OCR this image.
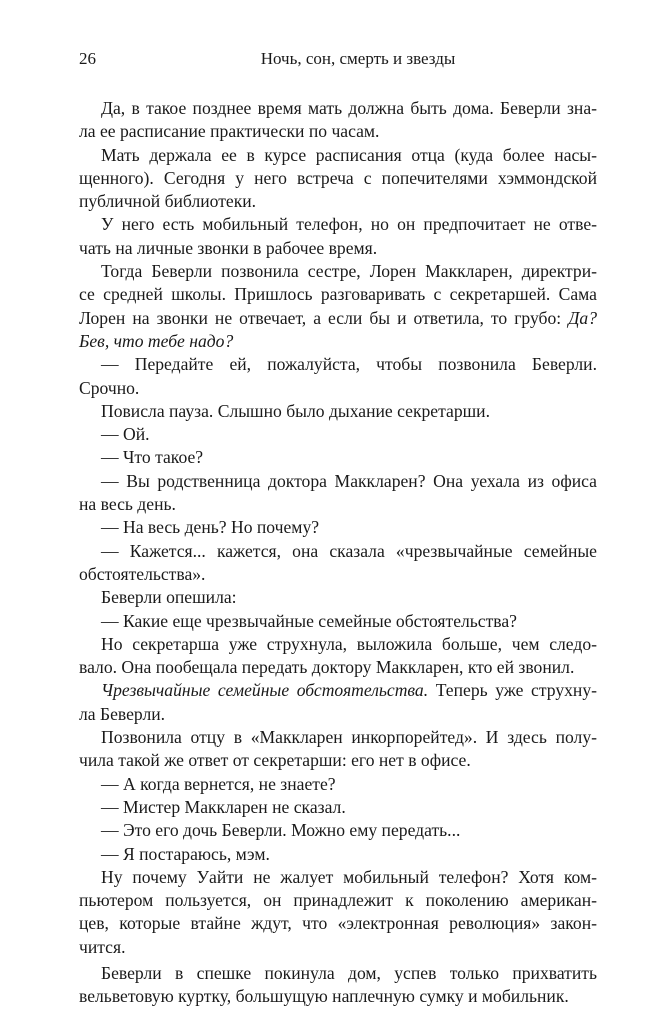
26	Ночь, сон, смерть и звезды
Да, в такое позднее время мать должна быть дома. Беверли зна-
ла ее расписание практически по часам.
Мать держала ее в курсе расписания отца (куда более насы-
щенного). Сегодня у него встреча с попечителями хэммондской
публичной библиотеки.
У него есть мобильный телефон, но он предпочитает не отве-
чать на личные звонки в рабочее время.
Тогда Беверли позвонила сестре, Лорен Маккларен, директри-
се средней школы. Пришлось разговаривать с секретаршей. Сама
Лорен на звонки не отвечает, а если бы и ответила, то грубо: Да?
Бев, что тебе надо?
— Передайте ей, пожалуйста, чтобы позвонила Беверли.
Срочно.
Повисла пауза. Слышно было дыхание секретарши.
— Ой.
— Что такое?
— Вы родственница доктора Маккларен? Она уехала из офиса
на весь день.
— На весь день? Но почему?
— Кажется... кажется, она сказала «чрезвычайные семейные
обстоятельства».
Беверли опешила:
— Какие еще чрезвычайные семейные обстоятельства?
Но секретарша уже струхнула, выложила больше, чем следо-
вало. Она пообещала передать доктору Маккларен, кто ей звонил.
Чрезвычайные семейные обстоятельства. Теперь уже струхну-
ла Беверли.
Позвонила отцу в «Маккларен инкорпорейтед». И здесь полу-
чила такой же ответ от секретарши: его нет в офисе.
— А когда вернется, не знаете?
— Мистер Маккларен не сказал.
— Это его дочь Беверли. Можно ему передать...
— Я постараюсь, мэм.
Ну почему Уайти не жалует мобильный телефон? Хотя ком-
пьютером пользуется, он принадлежит к поколению американ-
цев, которые втайне ждут, что «электронная революция» закон-
чится.
Беверли в спешке покинула дом, успев только прихватить
вельветовую куртку, большущую наплечную сумку и мобильник.
